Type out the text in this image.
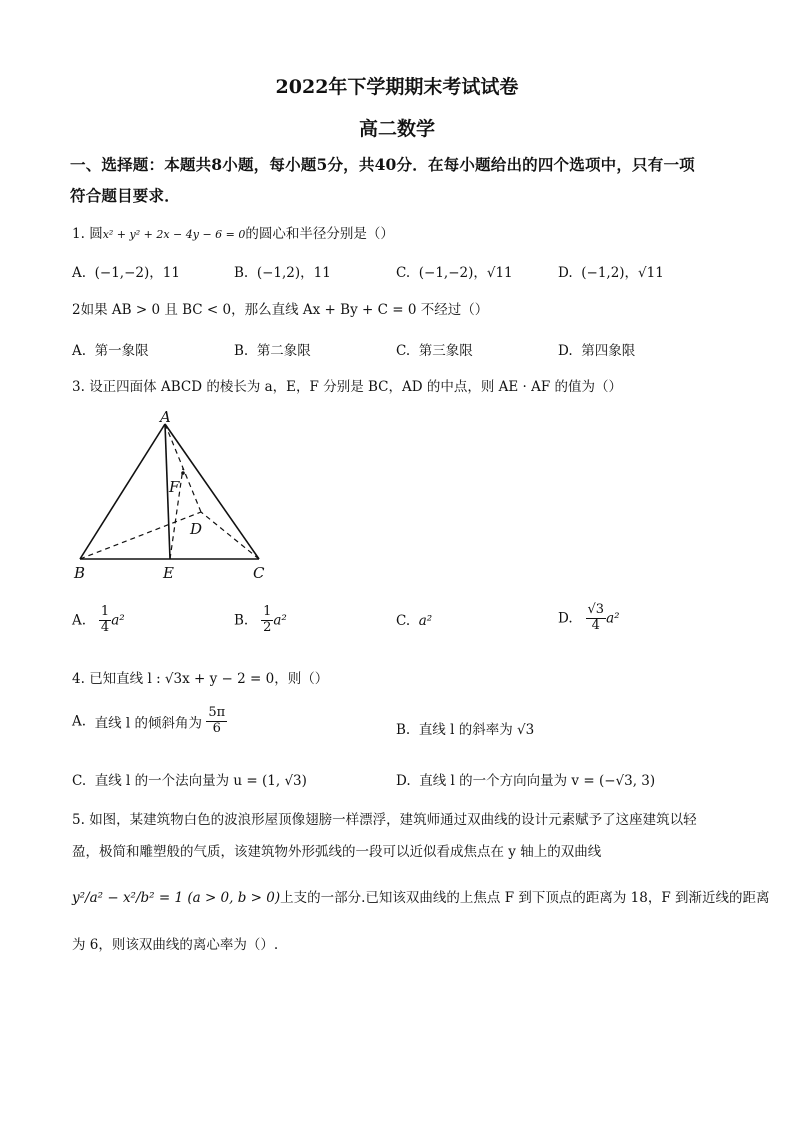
2022年下学期期末考试试卷
高二数学
一、选择题：本题共8小题，每小题5分，共40分．在每小题给出的四个选项中，只有一项
符合题目要求．
1. 圆x² + y² + 2x − 4y − 6 = 0的圆心和半径分别是（）
A. (−1,−2)，11	B. (−1,2)，11	C. (−1,−2)，√11	D. (−1,2)，√11
2如果 AB > 0 且 BC < 0，那么直线 Ax + By + C = 0 不经过（）
A. 第一象限	B. 第二象限	C. 第三象限	D. 第四象限
3. 设正四面体 ABCD 的棱长为 a，E，F 分别是 BC，AD 的中点，则 AE · AF 的值为（）
A
B	C
D
E
F
A. $\frac{1}{4} a^2$	B. $\frac{1}{2} a^2$	C. a²	D. $\frac{√3}{4} a^2$
4. 已知直线 l : √3x + y − 2 = 0，则（）
A. 直线 l 的倾斜角为 $\frac{5\pi}{6}$	B. 直线 l 的斜率为 √3
C. 直线 l 的一个法向量为 u = (1, √3)	D. 直线 l 的一个方向向量为 v = (−√3, 3)
5. 如图，某建筑物白色的波浪形屋顶像翅膀一样漂浮，建筑师通过双曲线的设计元素赋予了这座建筑以轻
盈，极简和雕塑般的气质，该建筑物外形弧线的一段可以近似看成焦点在 y 轴上的双曲线
y²/a² − x²/b² = 1 (a > 0, b > 0)上支的一部分.已知该双曲线的上焦点 F 到下顶点的距离为 18，F 到渐近线的距离
为 6，则该双曲线的离心率为（）.
